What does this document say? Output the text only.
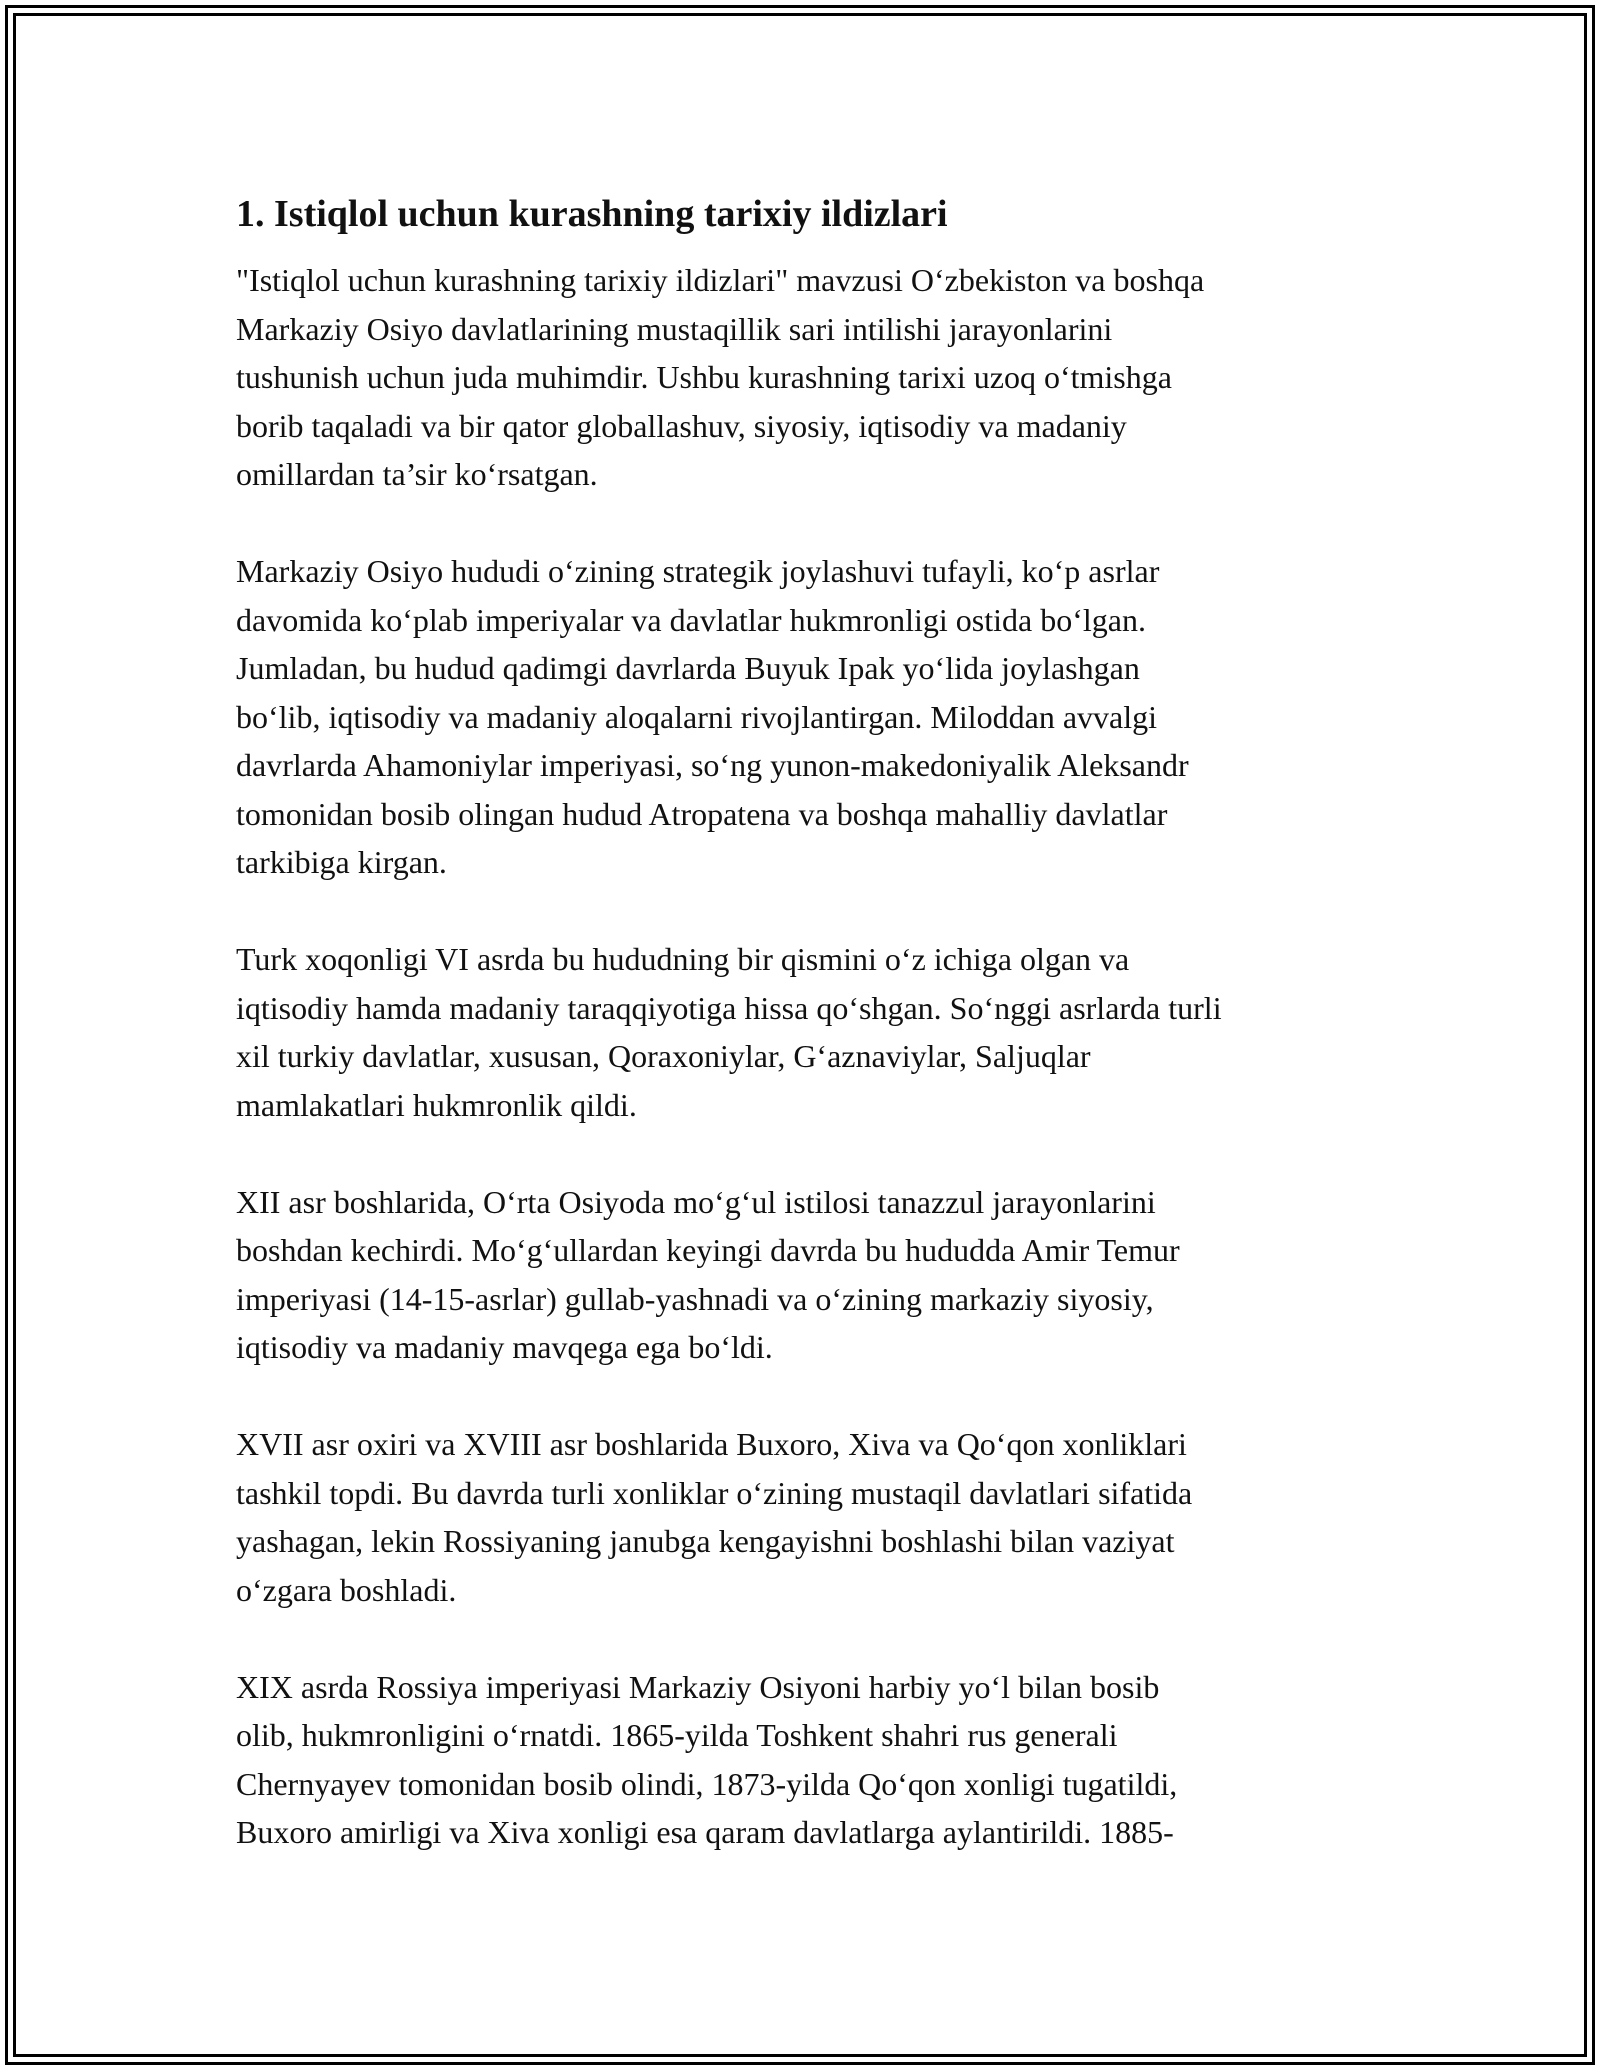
1. Istiqlol uchun kurashning tarixiy ildizlari
"Istiqlol uchun kurashning tarixiy ildizlari" mavzusi O‘zbekiston va boshqa
Markaziy Osiyo davlatlarining mustaqillik sari intilishi jarayonlarini
tushunish uchun juda muhimdir. Ushbu kurashning tarixi uzoq o‘tmishga
borib taqaladi va bir qator globallashuv, siyosiy, iqtisodiy va madaniy
omillardan ta’sir ko‘rsatgan.
Markaziy Osiyo hududi o‘zining strategik joylashuvi tufayli, ko‘p asrlar
davomida ko‘plab imperiyalar va davlatlar hukmronligi ostida bo‘lgan.
Jumladan, bu hudud qadimgi davrlarda Buyuk Ipak yo‘lida joylashgan
bo‘lib, iqtisodiy va madaniy aloqalarni rivojlantirgan. Miloddan avvalgi
davrlarda Ahamoniylar imperiyasi, so‘ng yunon-makedoniyalik Aleksandr
tomonidan bosib olingan hudud Atropatena va boshqa mahalliy davlatlar
tarkibiga kirgan.
Turk xoqonligi VI asrda bu hududning bir qismini o‘z ichiga olgan va
iqtisodiy hamda madaniy taraqqiyotiga hissa qo‘shgan. So‘nggi asrlarda turli
xil turkiy davlatlar, xususan, Qoraxoniylar, G‘aznaviylar, Saljuqlar
mamlakatlari hukmronlik qildi.
XII asr boshlarida, O‘rta Osiyoda mo‘g‘ul istilosi tanazzul jarayonlarini
boshdan kechirdi. Mo‘g‘ullardan keyingi davrda bu hududda Amir Temur
imperiyasi (14-15-asrlar) gullab-yashnadi va o‘zining markaziy siyosiy,
iqtisodiy va madaniy mavqega ega bo‘ldi.
XVII asr oxiri va XVIII asr boshlarida Buxoro, Xiva va Qo‘qon xonliklari
tashkil topdi. Bu davrda turli xonliklar o‘zining mustaqil davlatlari sifatida
yashagan, lekin Rossiyaning janubga kengayishni boshlashi bilan vaziyat
o‘zgara boshladi.
XIX asrda Rossiya imperiyasi Markaziy Osiyoni harbiy yo‘l bilan bosib
olib, hukmronligini o‘rnatdi. 1865-yilda Toshkent shahri rus generali
Chernyayev tomonidan bosib olindi, 1873-yilda Qo‘qon xonligi tugatildi,
Buxoro amirligi va Xiva xonligi esa qaram davlatlarga aylantirildi. 1885-
